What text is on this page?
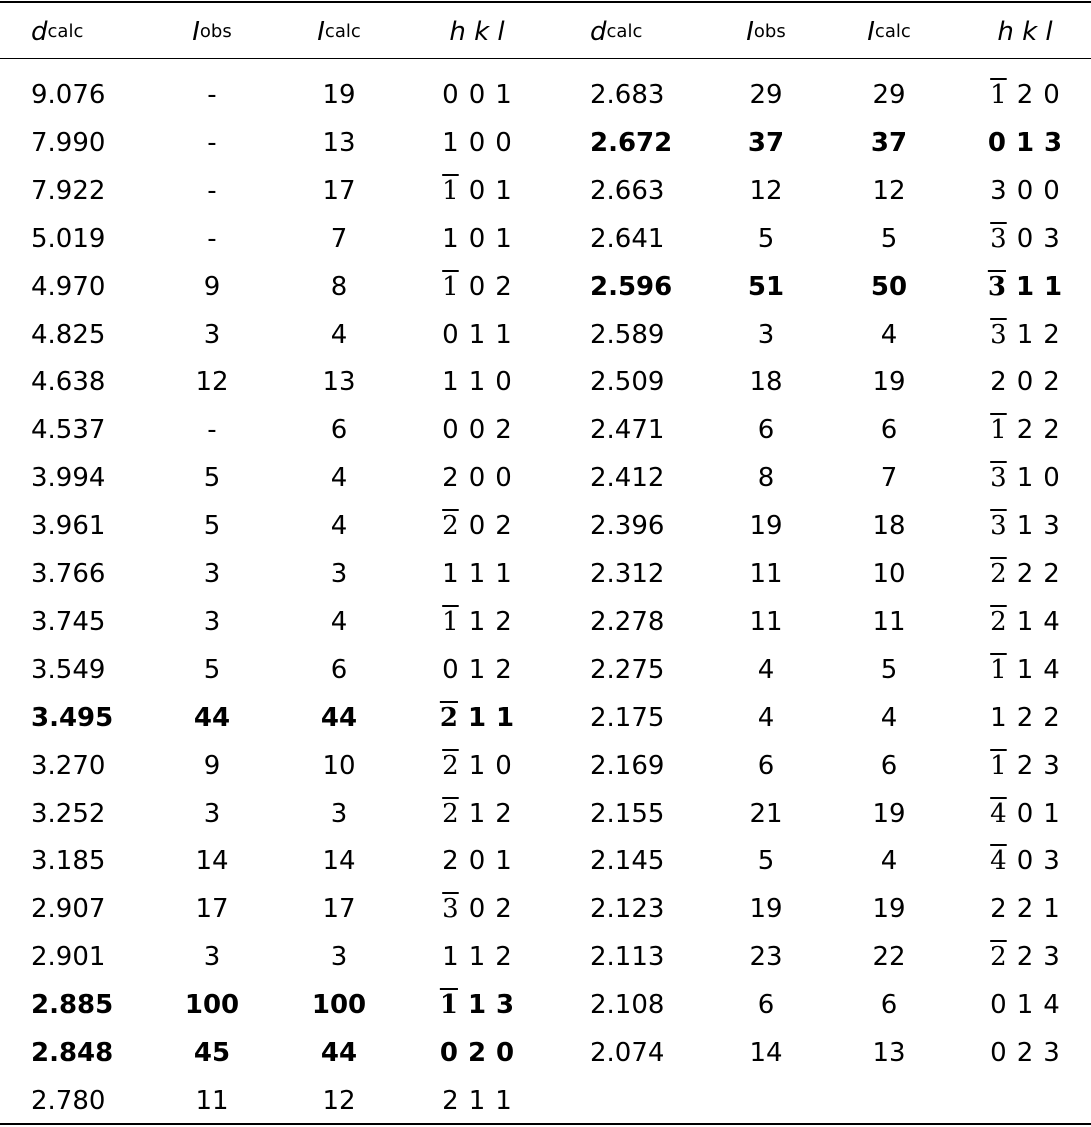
d calc	I obs	I calc	h k l	d calc	I obs	I calc	h k l
9.076	-	19	0 0 1	2.683	29	29	1 2 0
7.990	-	13	1 0 0	2.672	37	37	0 1 3
7.922	-	17	1 0 1	2.663	12	12	3 0 0
5.019	-	7	1 0 1	2.641	5	5	3 0 3
4.970	9	8	1 0 2	2.596	51	50	3 1 1
4.825	3	4	0 1 1	2.589	3	4	3 1 2
4.638	12	13	1 1 0	2.509	18	19	2 0 2
4.537	-	6	0 0 2	2.471	6	6	1 2 2
3.994	5	4	2 0 0	2.412	8	7	3 1 0
3.961	5	4	2 0 2	2.396	19	18	3 1 3
3.766	3	3	1 1 1	2.312	11	10	2 2 2
3.745	3	4	1 1 2	2.278	11	11	2 1 4
3.549	5	6	0 1 2	2.275	4	5	1 1 4
3.495	44	44	2 1 1	2.175	4	4	1 2 2
3.270	9	10	2 1 0	2.169	6	6	1 2 3
3.252	3	3	2 1 2	2.155	21	19	4 0 1
3.185	14	14	2 0 1	2.145	5	4	4 0 3
2.907	17	17	3 0 2	2.123	19	19	2 2 1
2.901	3	3	1 1 2	2.113	23	22	2 2 3
2.885	100	100	1 1 3	2.108	6	6	0 1 4
2.848	45	44	0 2 0	2.074	14	13	0 2 3
2.780	11	12	2 1 1
